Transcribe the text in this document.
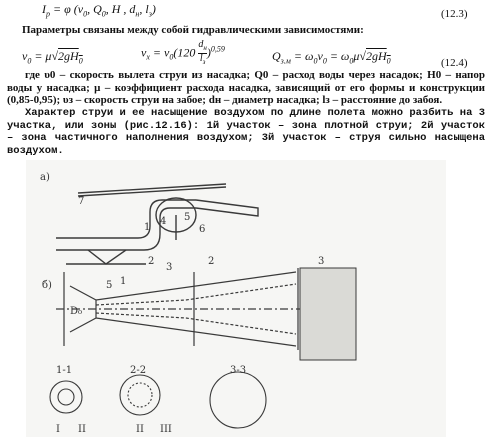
$I_p = \varphi$ ($v_0$, $Q_0$, H , $d_н$, $l_з$)	(12.3)
Параметры связаны между собой гидравлическими зависимостями:
$v_0 = \mu√2gH_0$
$v_x = v_0(120$
$d_н$
$l_з$
)$^{0,59}$
$Q_{з.м} = \omega_0v_0 = \omega_0\mu√2gH_0$	(12.4)
где υ0 – скорость вылета струи из насадка; Q0 – расход воды через насадок; H0 – напор воды у насадка; μ – коэффициент расхода насадка, зависящий от его формы и конструкции (0,85-0,95); υз – скорость струи на забое; dн – диаметр насадка; lз – расстояние до забоя.
Характер струи и ее насыщение воздухом по длине полета можно разбить на 3 участка, или зоны (рис.12.16): 1й участок – зона плотной струи; 2й участок – зона частичного наполнения воздухом; 3й участок – струя сильно насыщена воздухом.
а)
7
1
4 5
6
2
3
б)
D₀
5 1
2	3
1-1	2-2	3-3
I II	II III
